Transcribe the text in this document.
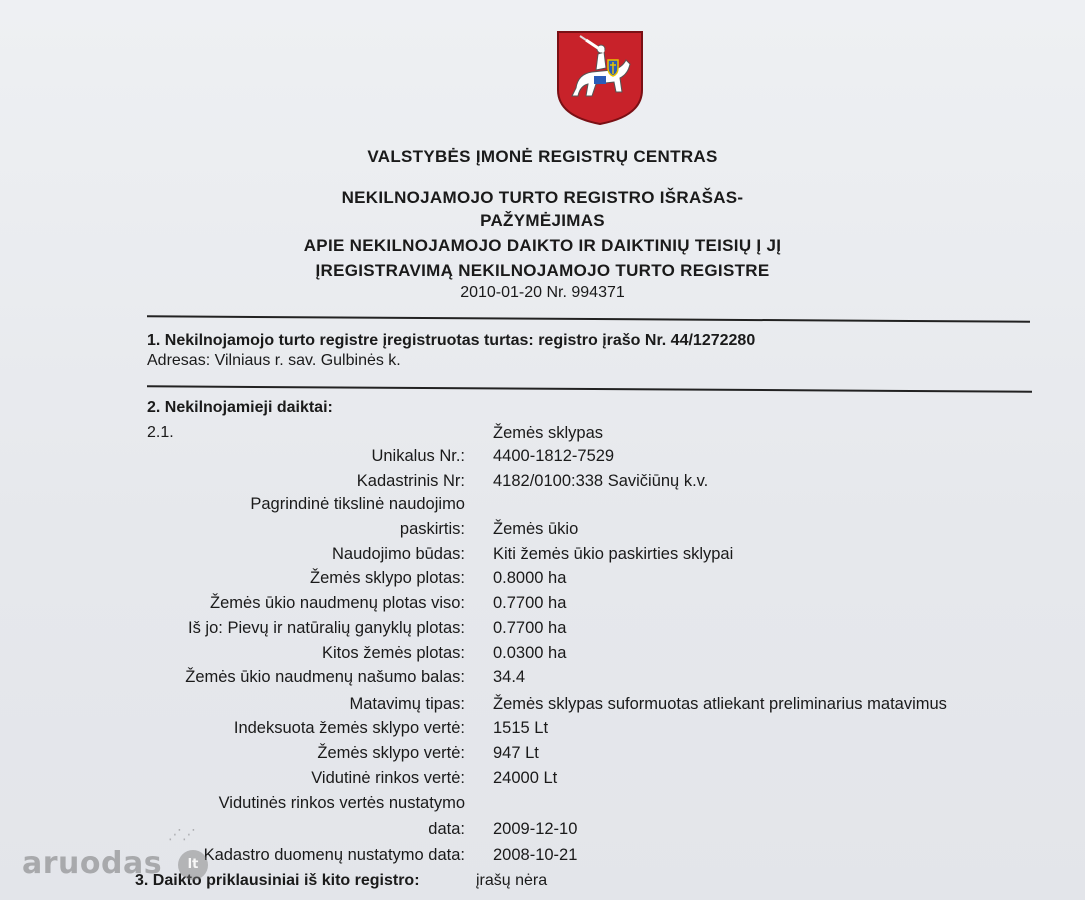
VALSTYBĖS ĮMONĖ REGISTRŲ CENTRAS
NEKILNOJAMOJO TURTO REGISTRO IŠRAŠAS-
PAŽYMĖJIMAS
APIE NEKILNOJAMOJO DAIKTO IR DAIKTINIŲ TEISIŲ Į JĮ
ĮREGISTRAVIMĄ NEKILNOJAMOJO TURTO REGISTRE
2010-01-20 Nr. 994371
1. Nekilnojamojo turto registre įregistruotas turtas: registro įrašo Nr. 44/1272280
Adresas: Vilniaus r. sav. Gulbinės k.
2. Nekilnojamieji daiktai:
2.1.	Žemės sklypas
Unikalus Nr.: 4400-1812-7529
Kadastrinis Nr: 4182/0100:338 Savičiūnų k.v.
Pagrindinė tikslinė naudojimo
paskirtis: Žemės ūkio
Naudojimo būdas: Kiti žemės ūkio paskirties sklypai
Žemės sklypo plotas: 0.8000 ha
Žemės ūkio naudmenų plotas viso: 0.7700 ha
Iš jo: Pievų ir natūralių ganyklų plotas: 0.7700 ha
Kitos žemės plotas: 0.0300 ha
Žemės ūkio naudmenų našumo balas: 34.4
Matavimų tipas: Žemės sklypas suformuotas atliekant preliminarius matavimus
Indeksuota žemės sklypo vertė: 1515 Lt
Žemės sklypo vertė: 947 Lt
Vidutinė rinkos vertė: 24000 Lt
Vidutinės rinkos vertės nustatymo
data: 2009-12-10
Kadastro duomenų nustatymo data: 2008-10-21
3. Daikto priklausiniai iš kito registro:	įrašų nėra
⋰⋰
aruodas	lt
